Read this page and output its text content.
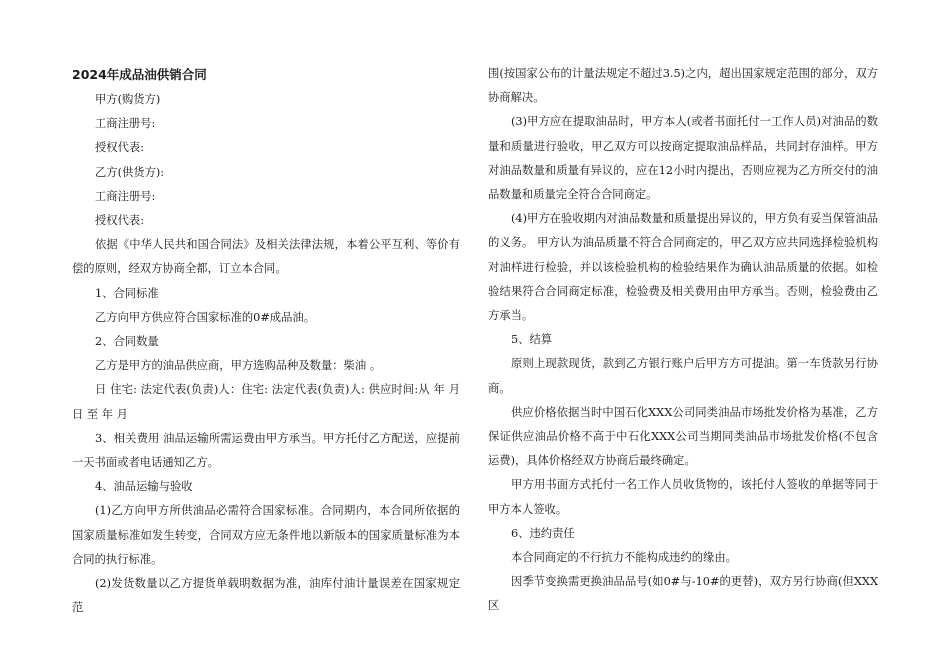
2024年成品油供销合同

甲方(购货方)

工商注册号:

授权代表:

乙方(供货方):

工商注册号:

授权代表:

依据《中华人民共和国合同法》及相关法律法规，本着公平互利、等价有偿的原则，经双方协商全都，订立本合同。

1、合同标准

乙方向甲方供应符合国家标准的0#成品油。

2、合同数量

乙方是甲方的油品供应商，甲方选购品种及数量：柴油 。

日 住宅: 法定代表(负责)人：住宅: 法定代表(负责)人: 供应时间:从 年 月 日 至 年 月

3、相关费用 油品运输所需运费由甲方承当。甲方托付乙方配送，应提前一天书面或者电话通知乙方。

4、油品运输与验收

(1)乙方向甲方所供油品必需符合国家标准。合同期内，本合同所依据的国家质量标准如发生转变，合同双方应无条件地以新版本的国家质量标准为本合同的执行标准。

(2)发货数量以乙方提货单载明数据为准，油库付油计量误差在国家规定范

围(按国家公布的计量法规定不超过3.5)之内，超出国家规定范围的部分，双方协商解决。

(3)甲方应在提取油品时，甲方本人(或者书面托付一工作人员)对油品的数量和质量进行验收，甲乙双方可以按商定提取油品样品，共同封存油样。甲方对油品数量和质量有异议的，应在12小时内提出，否则应视为乙方所交付的油品数量和质量完全符合合同商定。

(4)甲方在验收期内对油品数量和质量提出异议的，甲方负有妥当保管油品的义务。 甲方认为油品质量不符合合同商定的，甲乙双方应共同选择检验机构对油样进行检验，并以该检验机构的检验结果作为确认油品质量的依据。如检验结果符合合同商定标准，检验费及相关费用由甲方承当。否则，检验费由乙方承当。

5、结算

原则上现款现货，款到乙方银行账户后甲方方可提油。第一车货款另行协商。

供应价格依据当时中国石化XXX公司同类油品市场批发价格为基准，乙方保证供应油品价格不高于中石化XXX公司当期同类油品市场批发价格(不包含运费)，具体价格经双方协商后最终确定。

甲方用书面方式托付一名工作人员收货物的，该托付人签收的单据等同于甲方本人签收。

6、违约责任

本合同商定的不行抗力不能构成违约的缘由。

因季节变换需更换油品品号(如0#与-10#的更替)，双方另行协商(但XXX区
